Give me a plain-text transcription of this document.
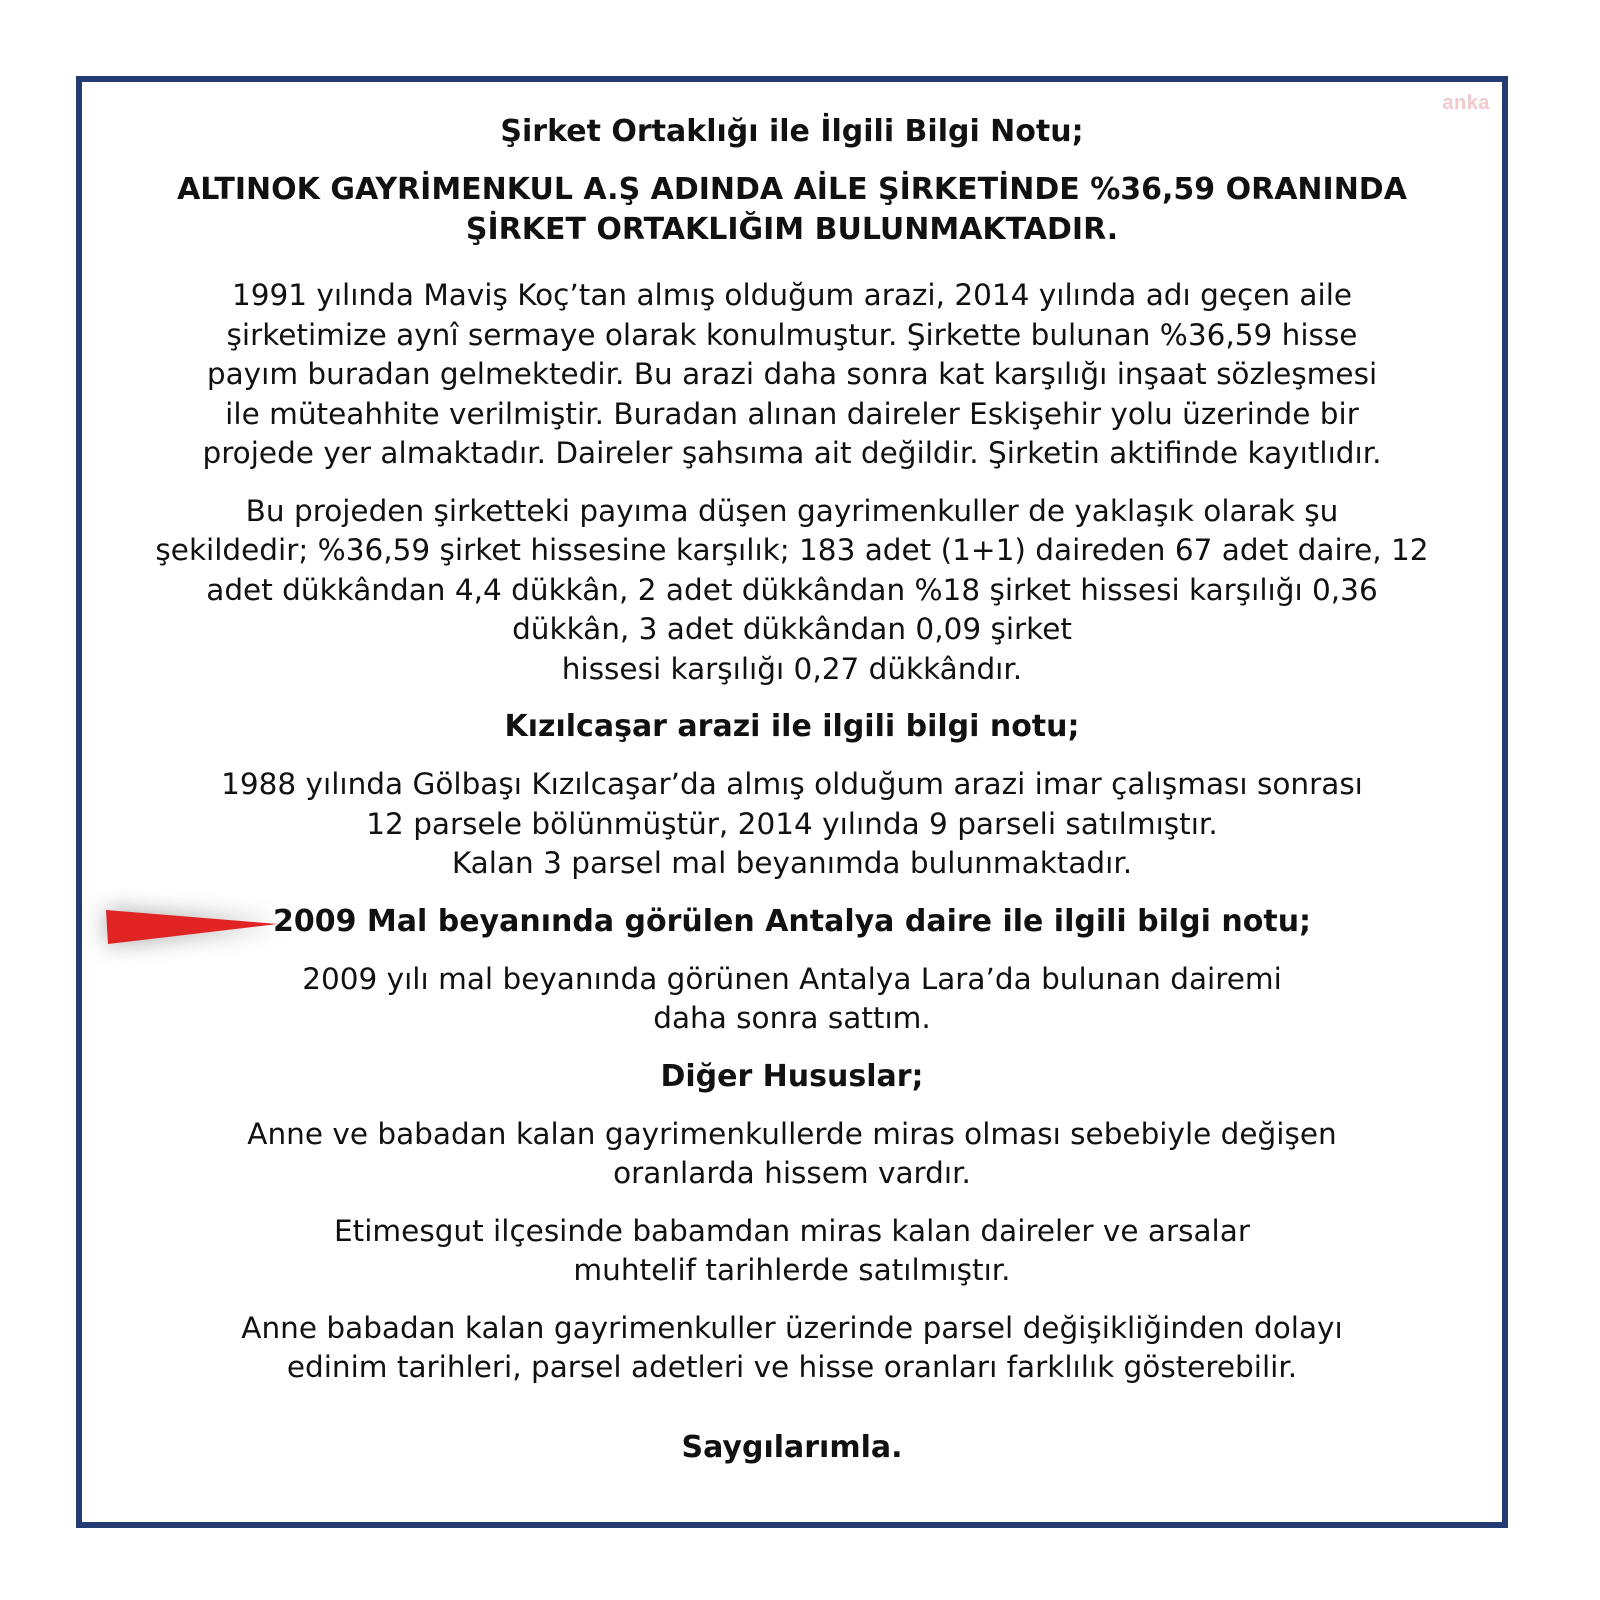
anka
Şirket Ortaklığı ile İlgili Bilgi Notu;
ALTINOK GAYRİMENKUL A.Ş ADINDA AİLE ŞİRKETİNDE %36,59 ORANINDA
ŞİRKET ORTAKLIĞIM BULUNMAKTADIR.
1991 yılında Maviş Koç’tan almış olduğum arazi, 2014 yılında adı geçen aile
şirketimize aynî sermaye olarak konulmuştur. Şirkette bulunan %36,59 hisse
payım buradan gelmektedir. Bu arazi daha sonra kat karşılığı inşaat sözleşmesi
ile müteahhite verilmiştir. Buradan alınan daireler Eskişehir yolu üzerinde bir
projede yer almaktadır. Daireler şahsıma ait değildir. Şirketin aktifinde kayıtlıdır.
Bu projeden şirketteki payıma düşen gayrimenkuller de yaklaşık olarak şu
şekildedir; %36,59 şirket hissesine karşılık; 183 adet (1+1) daireden 67 adet daire, 12
adet dükkândan 4,4 dükkân, 2 adet dükkândan %18 şirket hissesi karşılığı 0,36
dükkân, 3 adet dükkândan 0,09 şirket
hissesi karşılığı 0,27 dükkândır.
Kızılcaşar arazi ile ilgili bilgi notu;
1988 yılında Gölbaşı Kızılcaşar’da almış olduğum arazi imar çalışması sonrası
12 parsele bölünmüştür, 2014 yılında 9 parseli satılmıştır.
Kalan 3 parsel mal beyanımda bulunmaktadır.
2009 Mal beyanında görülen Antalya daire ile ilgili bilgi notu;
2009 yılı mal beyanında görünen Antalya Lara’da bulunan dairemi
daha sonra sattım.
Diğer Hususlar;
Anne ve babadan kalan gayrimenkullerde miras olması sebebiyle değişen
oranlarda hissem vardır.
Etimesgut ilçesinde babamdan miras kalan daireler ve arsalar
muhtelif tarihlerde satılmıştır.
Anne babadan kalan gayrimenkuller üzerinde parsel değişikliğinden dolayı
edinim tarihleri, parsel adetleri ve hisse oranları farklılık gösterebilir.
Saygılarımla.
